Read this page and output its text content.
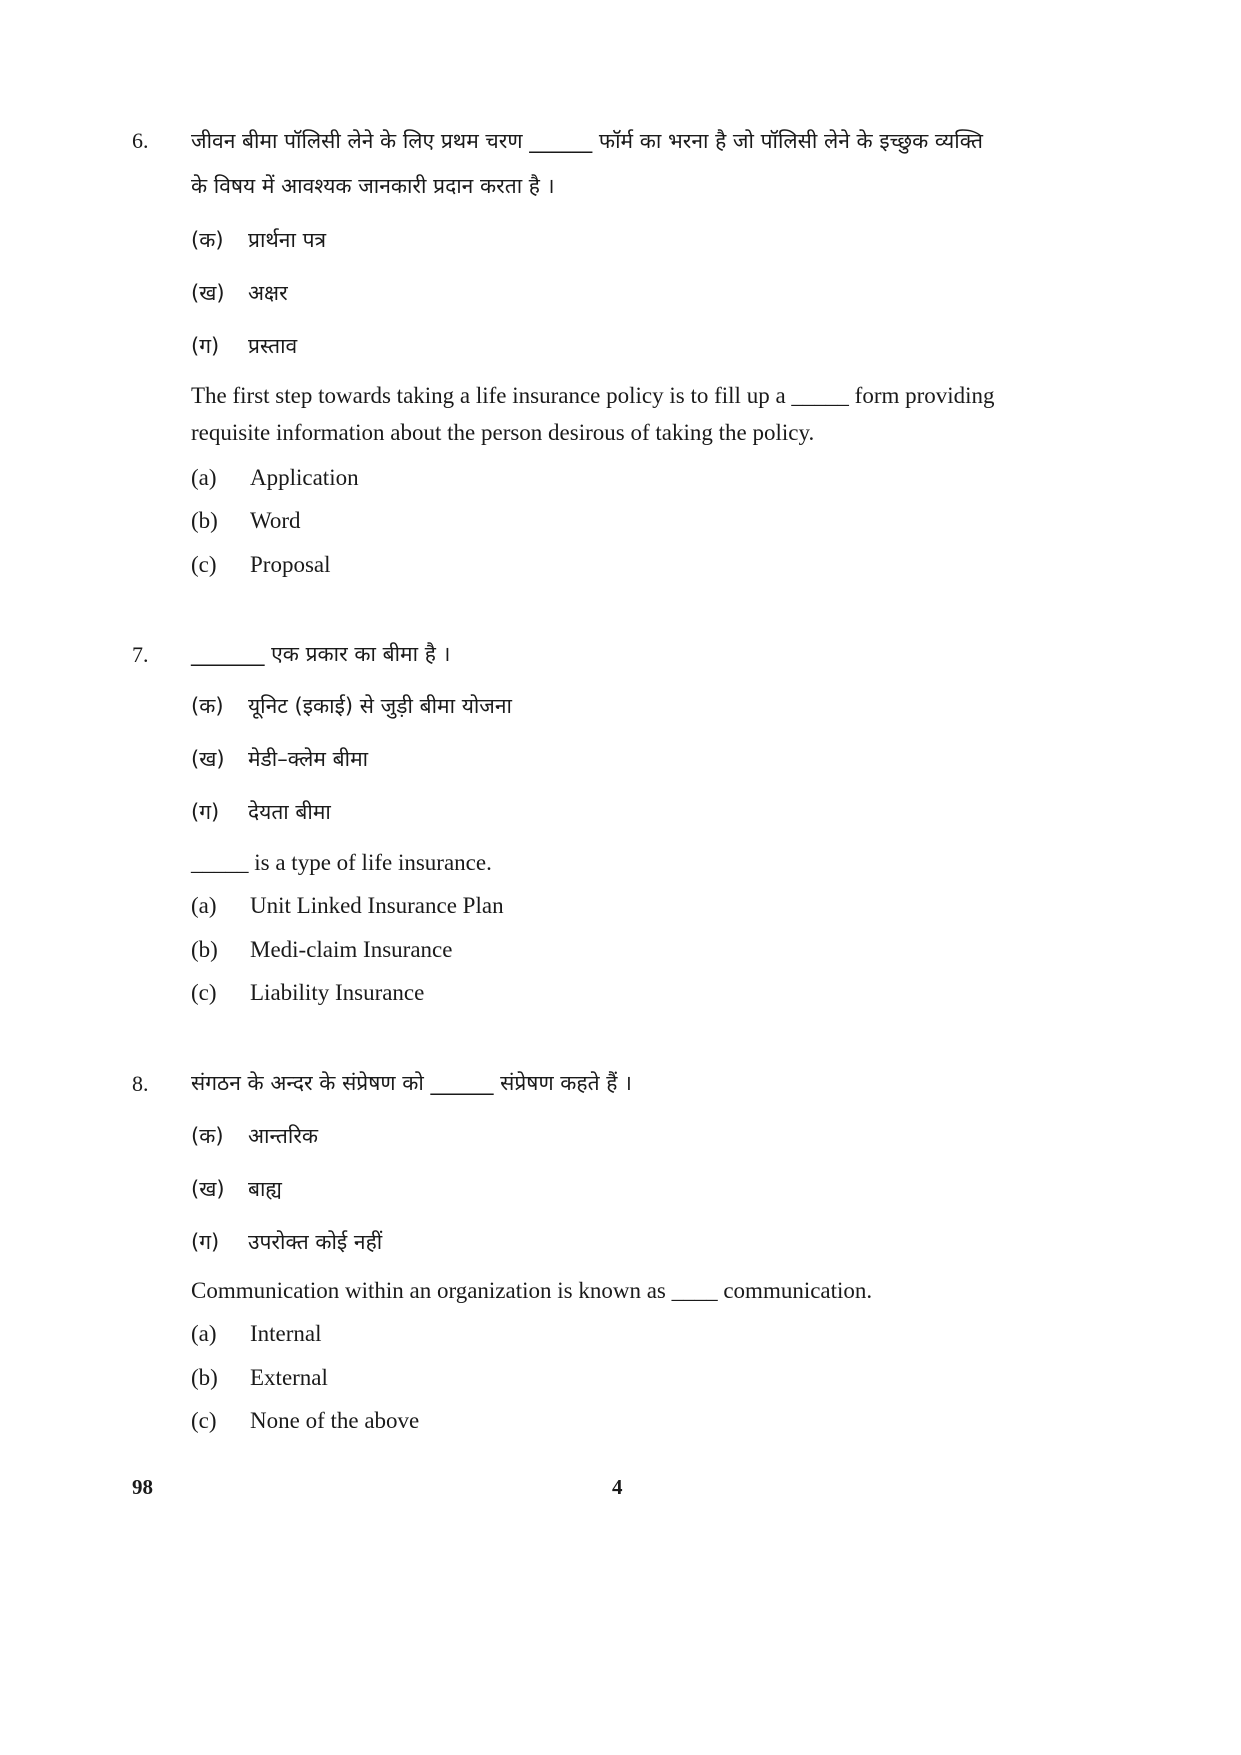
6. जीवन बीमा पॉलिसी लेने के लिए प्रथम चरण ______ फॉर्म का भरना है जो पॉलिसी लेने के इच्छुक व्यक्ति
के विषय में आवश्यक जानकारी प्रदान करता है ।
(क) प्रार्थना पत्र
(ख) अक्षर
(ग) प्रस्ताव
The first step towards taking a life insurance policy is to fill up a _____ form providing
requisite information about the person desirous of taking the policy.
(a) Application
(b) Word
(c) Proposal
7. _______ एक प्रकार का बीमा है ।
(क) यूनिट (इकाई) से जुड़ी बीमा योजना
(ख) मेडी–क्लेम बीमा
(ग) देयता बीमा
_____ is a type of life insurance.
(a) Unit Linked Insurance Plan
(b) Medi-claim Insurance
(c) Liability Insurance
8. संगठन के अन्दर के संप्रेषण को ______ संप्रेषण कहते हैं ।
(क) आन्तरिक
(ख) बाह्य
(ग) उपरोक्त कोई नहीं
Communication within an organization is known as ____ communication.
(a) Internal
(b) External
(c) None of the above
98	4
